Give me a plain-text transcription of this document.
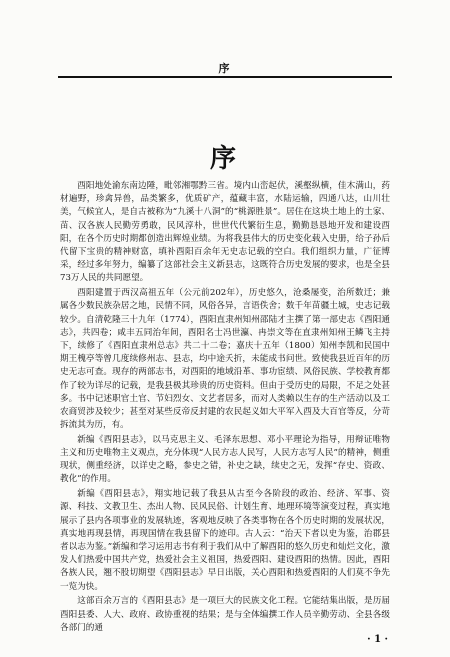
序
序

酉阳地处渝东南边陲，毗邻湘鄂黔三省。境内山峦起伏，溪壑纵横，佳木满山，药材遍野，珍禽异兽，品类繁多，优质矿产，蕴藏丰富，水陆运输，四通八达，山川壮美，气候宜人，是自古被称为“九溪十八洞”的“桃源胜景”。居住在这块土地上的土家、苗、汉各族人民勤劳勇敢，民风淳朴，世世代代繁衍生息，勤勤恳恳地开发和建设酉阳，在各个历史时期都创造出辉煌业绩。为将我县伟大的历史变化载入史册，给子孙后代留下宝贵的精神财富，填补酉阳百余年无史志记载的空白。我们组织力量，广征博采，经过多年努力，编纂了这部社会主义新县志，这既符合历史发展的要求，也是全县73万人民的共同愿望。

酉阳建置于西汉高祖五年（公元前202年），历史悠久，沧桑屡变，治所数迁；兼属各少数民族杂居之地，民情不同，风俗各异，言语佚舍；数千年苗疆土城，史志记载较少。自清乾隆三十九年（1774），酉阳直隶州知州邵陆才主撰了第一部史志《酉阳通志》，共四卷；咸丰五同治年间，酉阳名士冯世瀛、冉崇文等在直隶州知州王鳞飞主持下，续修了《酉阳直隶州总志》共二十二卷；嘉庆十五年（1800）知州李凯和民国中期王槐亭等曾几度续修州志、县志，均中途夭折，未能成书问世。致使我县近百年的历史无志可查。现存的两部志书，对酉阳的地域沿革、事功宦绩、风俗民族、学校教育都作了较为详尽的记载，是我县极其珍贵的历史资料。但由于受历史的局限，不足之处甚多。书中记述职官土官、节妇烈女、文艺者居多，而对人类赖以生存的生产活动以及工农商贸涉及较少；甚至对某些反帝反封建的农民起义如大平军入酉及大百官等反，分苛拆流其为历，有。

新编《酉阳县志》，以马克思主义、毛泽东思想、邓小平理论为指导，用辩证唯物主义和历史唯物主义观点，充分体现“人民方志人民写，人民方志写人民”的精神，侧重现状，侧重经济，以详史之略，参史之错，补史之缺，续史之无，发挥“存史、资政、教化”的作用。

新编《酉阳县志》，翔实地记载了我县从古至今各阶段的政治、经济、军事、资源、科技、文教卫生、杰出人物、民风民俗、计划生育、地理环境等演变过程，真实地展示了县内各项事业的发展轨迹，客观地反映了各类事物在各个历史时期的发展状况，真实地再现县情，再现国情在我县留下的迹印。古人云：“治天下者以史为鉴，治郡县者以志为鉴。”新编和学习运用志书有利于我们从中了解酉阳的悠久历史和灿烂文化，激发人们热爱中国共产党，热爱社会主义祖国，热爱酉阳、建设酉阳的热情。因此，酉阳各族人民，翘不股切期望《酉阳县志》早日出版，关心酉阳和热爱酉阳的人们莫不争先一览为快。

这部百余万言的《酉阳县志》是一项巨大的民族文化工程。它能结集出版，是历届酉阳县委、人大、政府、政协重视的结果；是与全体编撰工作人员辛勤劳动、全县各级各部门的通

· 1 ·
